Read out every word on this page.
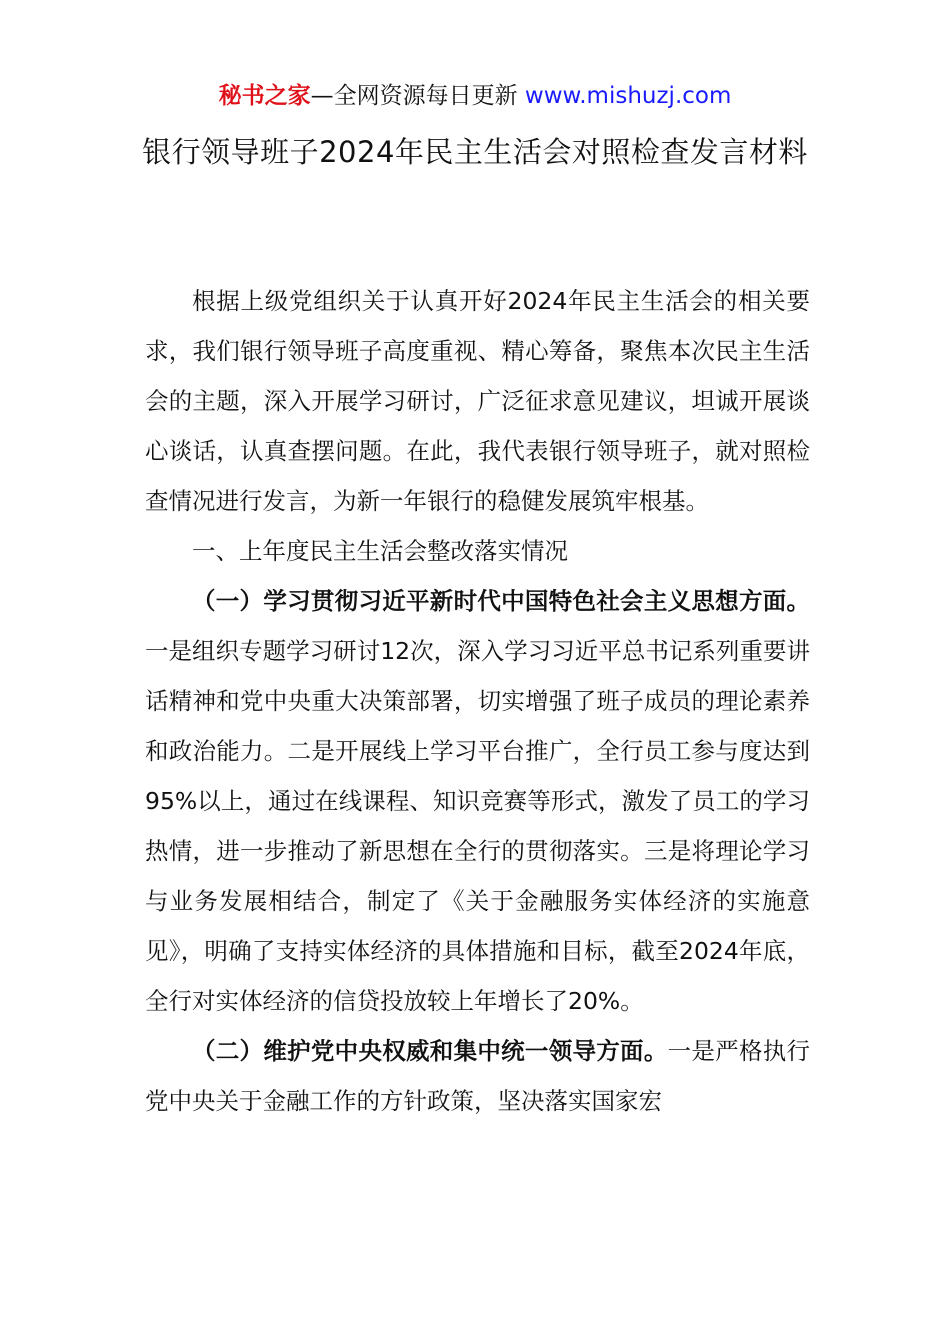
秘书之家—全网资源每日更新 www.mishuzj.com
银行领导班子2024年民主生活会对照检查发言材料

根据上级党组织关于认真开好2024年民主生活会的相关要求，我们银行领导班子高度重视、精心筹备，聚焦本次民主生活会的主题，深入开展学习研讨，广泛征求意见建议，坦诚开展谈心谈话，认真查摆问题。在此，我代表银行领导班子，就对照检查情况进行发言，为新一年银行的稳健发展筑牢根基。

一、上年度民主生活会整改落实情况

（一）学习贯彻习近平新时代中国特色社会主义思想方面。一是组织专题学习研讨12次，深入学习习近平总书记系列重要讲话精神和党中央重大决策部署，切实增强了班子成员的理论素养和政治能力。二是开展线上学习平台推广，全行员工参与度达到95%以上，通过在线课程、知识竞赛等形式，激发了员工的学习热情，进一步推动了新思想在全行的贯彻落实。三是将理论学习与业务发展相结合，制定了《关于金融服务实体经济的实施意见》，明确了支持实体经济的具体措施和目标，截至2024年底，全行对实体经济的信贷投放较上年增长了20%。

（二）维护党中央权威和集中统一领导方面。一是严格执行党中央关于金融工作的方针政策，坚决落实国家宏
